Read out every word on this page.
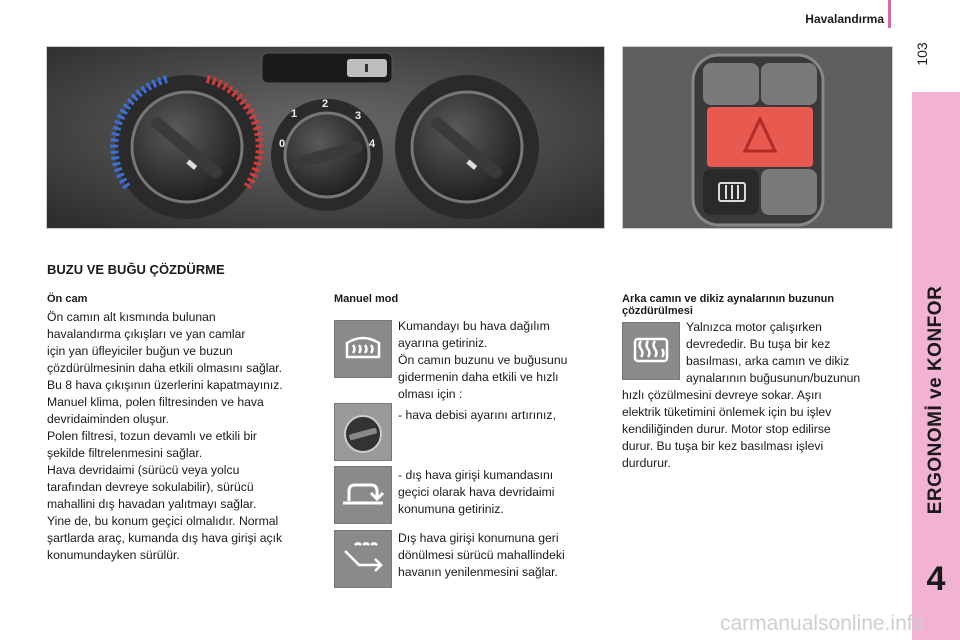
Havalandırma
103
ERGONOMİ ve KONFOR
4
1
2
3
0	4
BUZU VE BUĞU ÇÖZDÜRME
Ön cam
Ön camın alt kısmında bulunan
havalandırma çıkışları ve yan camlar
için yan üfleyiciler buğun ve buzun
çözdürülmesinin daha etkili olmasını sağlar.
Bu 8 hava çıkışının üzerlerini kapatmayınız.
Manuel klima, polen filtresinden ve hava
devridaiminden oluşur.
Polen filtresi, tozun devamlı ve etkili bir
şekilde filtrelenmesini sağlar.
Hava devridaimi (sürücü veya yolcu
tarafından devreye sokulabilir), sürücü
mahallini dış havadan yalıtmayı sağlar.
Yine de, bu konum geçici olmalıdır. Normal
şartlarda araç, kumanda dış hava girişi açık
konumundayken sürülür.
Manuel mod
Kumandayı bu hava dağılım
ayarına getiriniz.
Ön camın buzunu ve buğusunu
gidermenin daha etkili ve hızlı
olması için :
- hava debisi ayarını artırınız,
- dış hava girişi kumandasını
geçici olarak hava devridaimi
konumuna getiriniz.
Dış hava girişi konumuna geri
dönülmesi sürücü mahallindeki
havanın yenilenmesini sağlar.
Arka camın ve dikiz aynalarının buzunun
çözdürülmesi
Yalnızca motor çalışırken
devrededir. Bu tuşa bir kez
basılması, arka camın ve dikiz
aynalarının buğusunun/buzunun
hızlı çözülmesini devreye sokar. Aşırı
elektrik tüketimini önlemek için bu işlev
kendiliğinden durur. Motor stop edilirse
durur. Bu tuşa bir kez basılması işlevi
durdurur.
carmanualsonline.info
